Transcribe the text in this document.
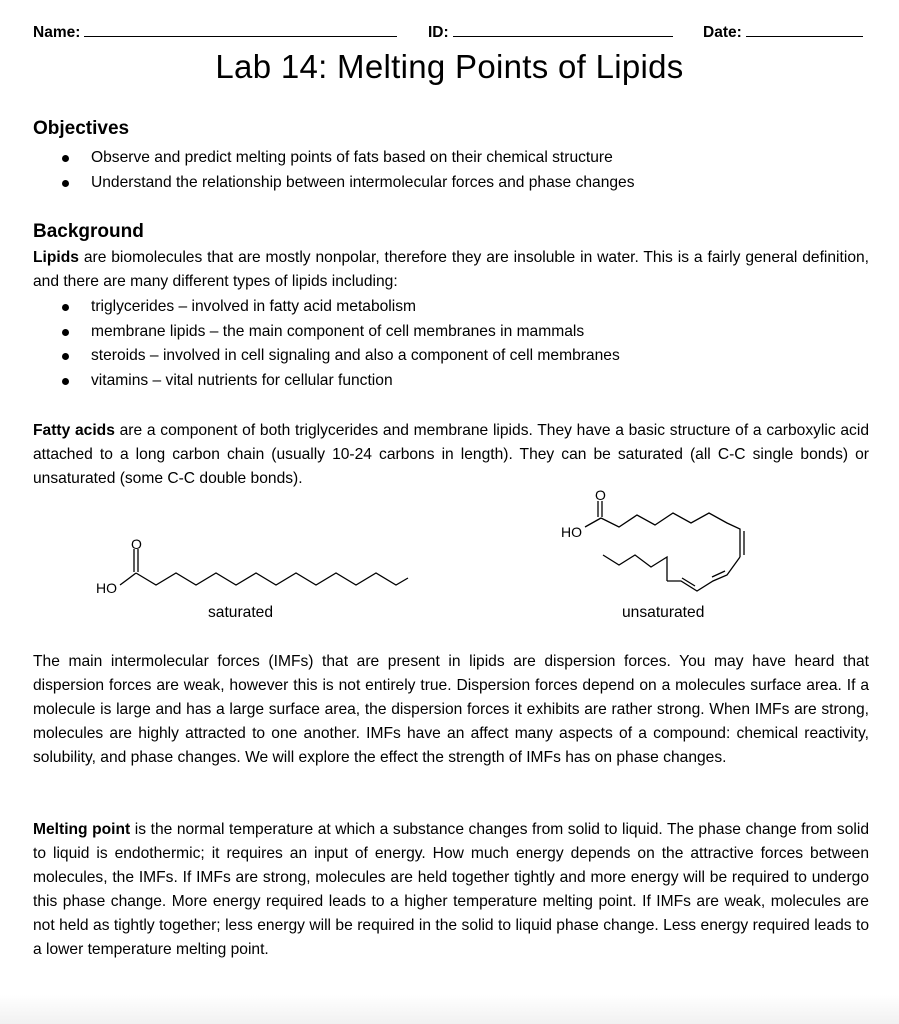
Name:	ID:	Date:
Lab 14: Melting Points of Lipids
Objectives
Observe and predict melting points of fats based on their chemical structure
Understand the relationship between intermolecular forces and phase changes
Background

Lipids are biomolecules that are mostly nonpolar, therefore they are insoluble in water. This is a fairly general definition, and there are many different types of lipids including:

triglycerides – involved in fatty acid metabolism
membrane lipids – the main component of cell membranes in mammals
steroids – involved in cell signaling and also a component of cell membranes
vitamins – vital nutrients for cellular function

Fatty acids are a component of both triglycerides and membrane lipids. They have a basic structure of a carboxylic acid attached to a long carbon chain (usually 10-24 carbons in length). They can be saturated (all C-C single bonds) or unsaturated (some C-C double bonds).

O
HO
saturated
O
HO
unsaturated

The main intermolecular forces (IMFs) that are present in lipids are dispersion forces. You may have heard that dispersion forces are weak, however this is not entirely true. Dispersion forces depend on a molecules surface area. If a molecule is large and has a large surface area, the dispersion forces it exhibits are rather strong. When IMFs are strong, molecules are highly attracted to one another. IMFs have an affect many aspects of a compound: chemical reactivity, solubility, and phase changes. We will explore the effect the strength of IMFs has on phase changes.

Melting point is the normal temperature at which a substance changes from solid to liquid. The phase change from solid to liquid is endothermic; it requires an input of energy. How much energy depends on the attractive forces between molecules, the IMFs. If IMFs are strong, molecules are held together tightly and more energy will be required to undergo this phase change. More energy required leads to a higher temperature melting point. If IMFs are weak, molecules are not held as tightly together; less energy will be required in the solid to liquid phase change. Less energy required leads to a lower temperature melting point.
